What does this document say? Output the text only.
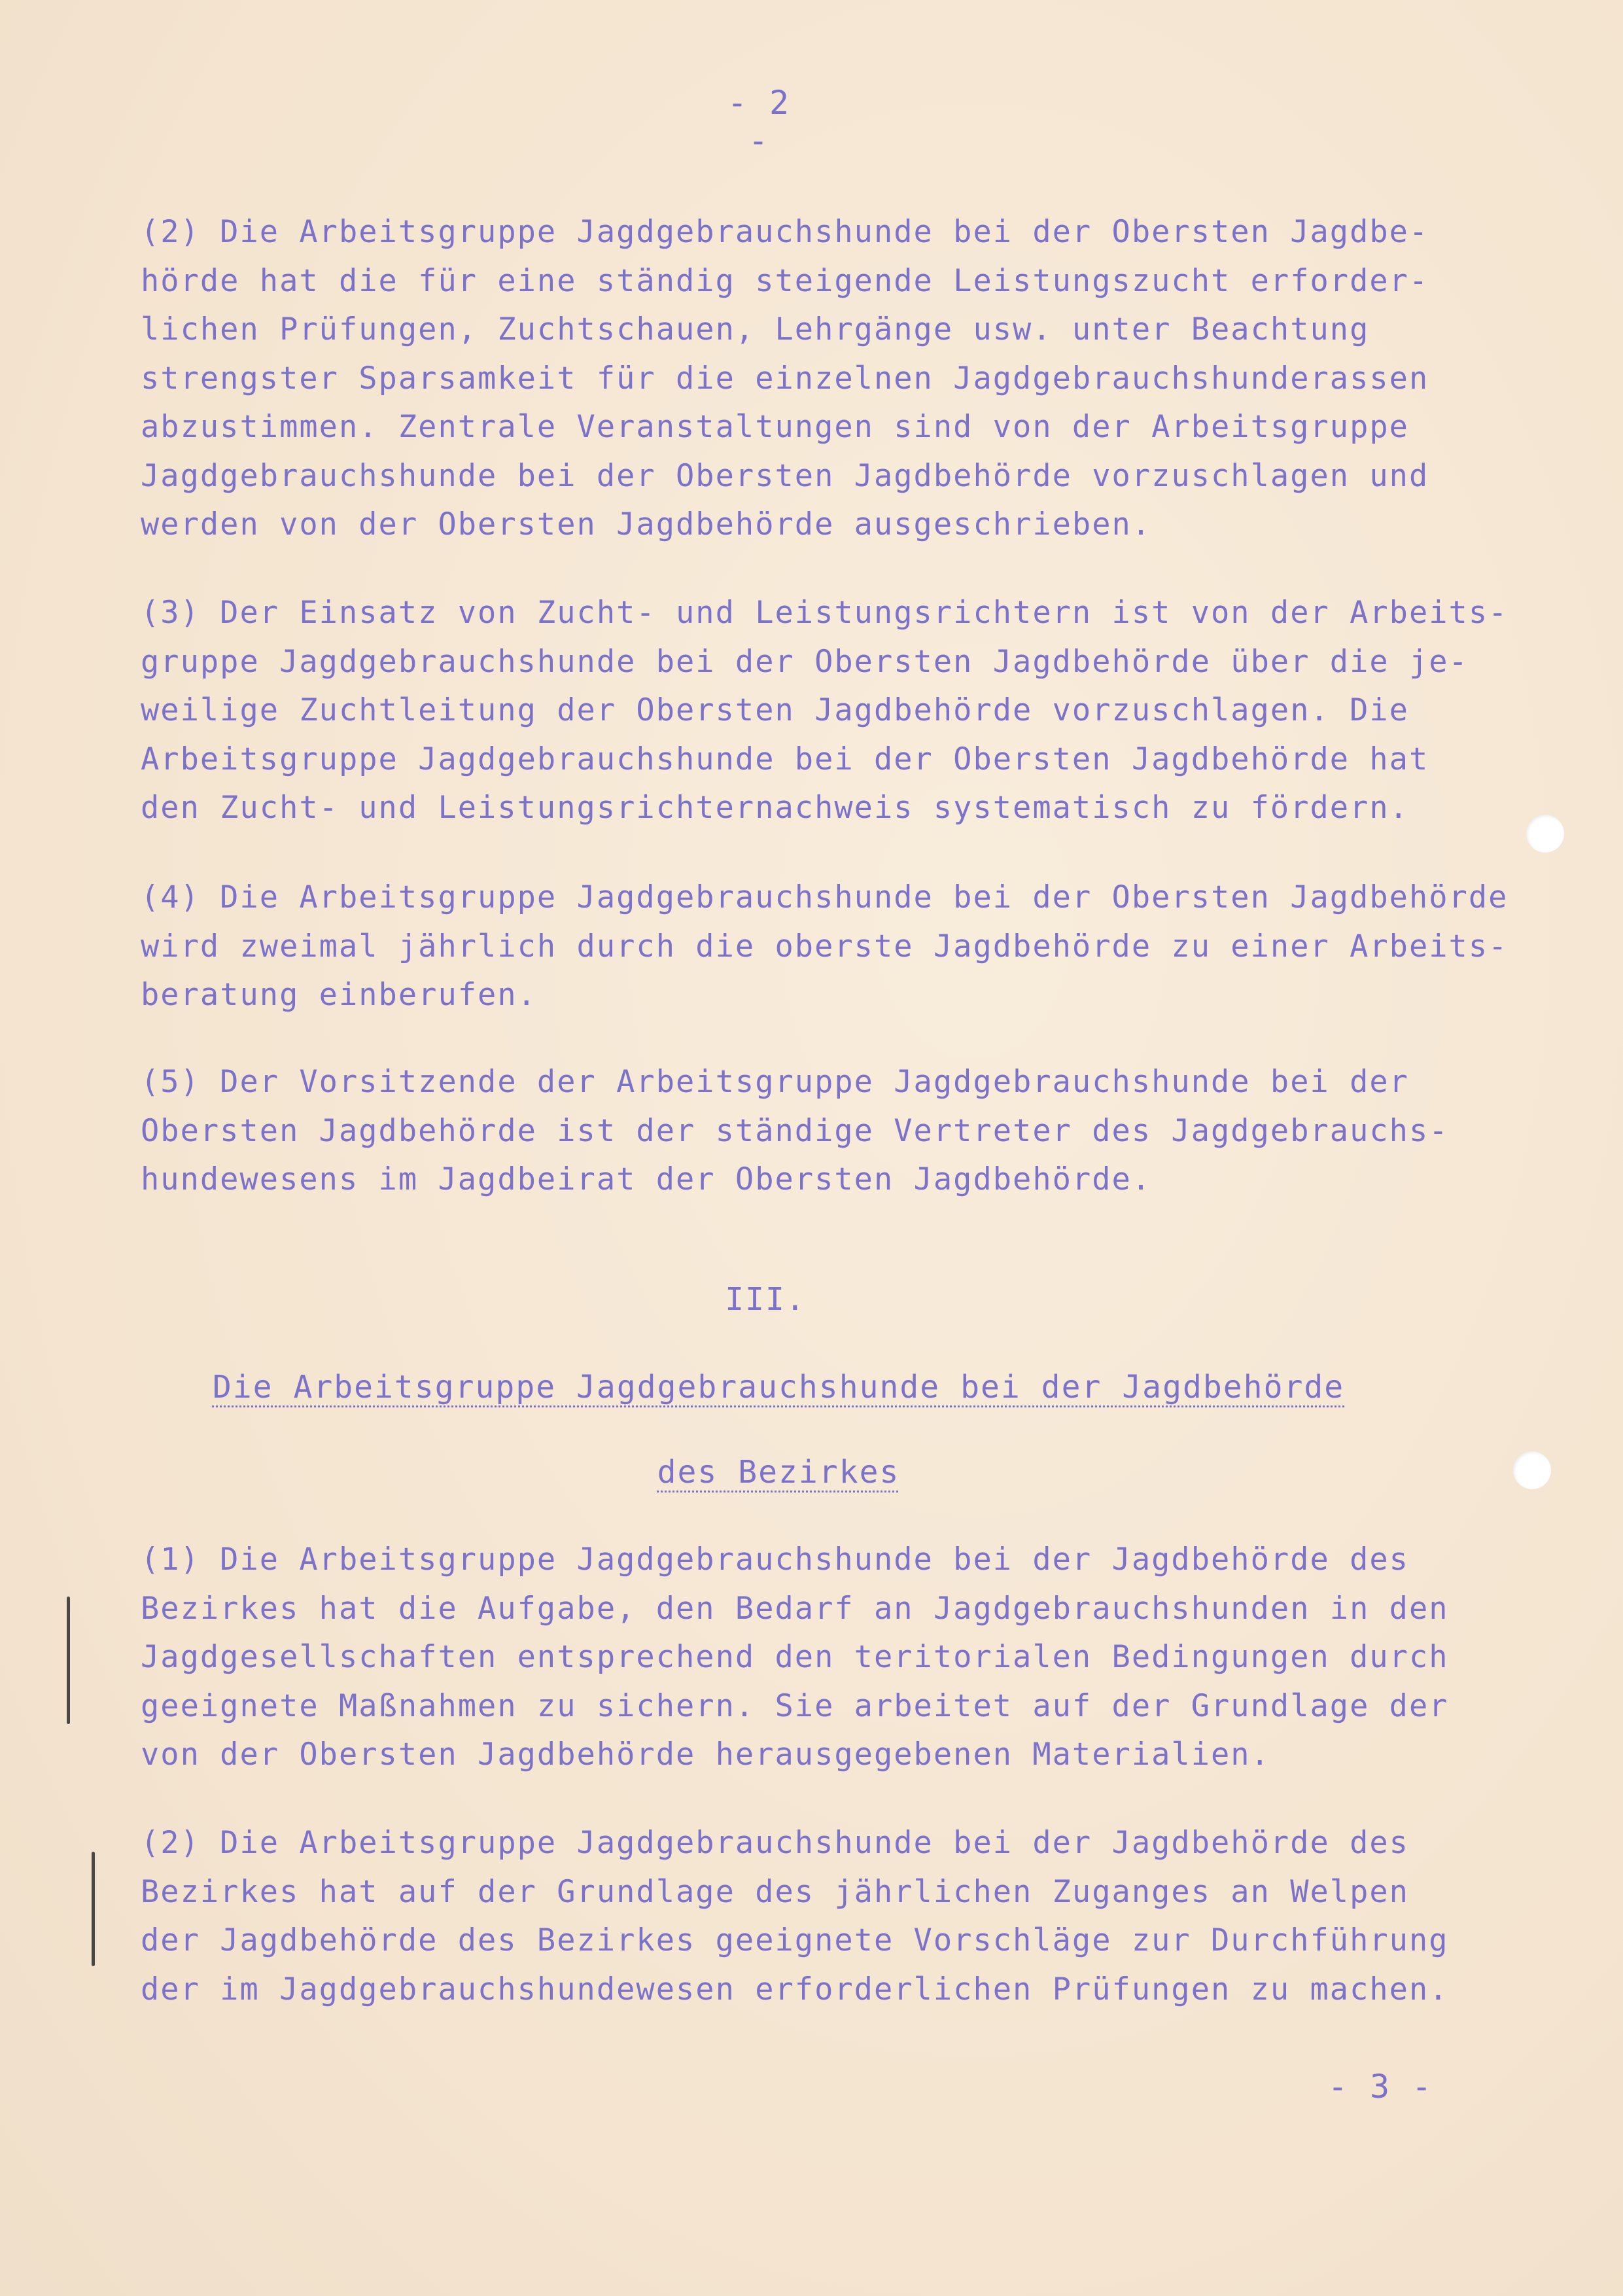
- 2 -

(2) Die Arbeitsgruppe Jagdgebrauchshunde bei der Obersten Jagdbe-
hörde hat die für eine ständig steigende Leistungszucht erforder-
lichen Prüfungen, Zuchtschauen, Lehrgänge usw. unter Beachtung
strengster Sparsamkeit für die einzelnen Jagdgebrauchshunderassen
abzustimmen. Zentrale Veranstaltungen sind von der Arbeitsgruppe
Jagdgebrauchshunde bei der Obersten Jagdbehörde vorzuschlagen und
werden von der Obersten Jagdbehörde ausgeschrieben.

(3) Der Einsatz von Zucht- und Leistungsrichtern ist von der Arbeits-
gruppe Jagdgebrauchshunde bei der Obersten Jagdbehörde über die je-
weilige Zuchtleitung der Obersten Jagdbehörde vorzuschlagen. Die
Arbeitsgruppe Jagdgebrauchshunde bei der Obersten Jagdbehörde hat
den Zucht- und Leistungsrichternachweis systematisch zu fördern.

(4) Die Arbeitsgruppe Jagdgebrauchshunde bei der Obersten Jagdbehörde
wird zweimal jährlich durch die oberste Jagdbehörde zu einer Arbeits-
beratung einberufen.

(5) Der Vorsitzende der Arbeitsgruppe Jagdgebrauchshunde bei der
Obersten Jagdbehörde ist der ständige Vertreter des Jagdgebrauchs-
hundewesens im Jagdbeirat der Obersten Jagdbehörde.

III.
Die Arbeitsgruppe Jagdgebrauchshunde bei der Jagdbehörde
des Bezirkes

(1) Die Arbeitsgruppe Jagdgebrauchshunde bei der Jagdbehörde des
Bezirkes hat die Aufgabe, den Bedarf an Jagdgebrauchshunden in den
Jagdgesellschaften entsprechend den teritorialen Bedingungen durch
geeignete Maßnahmen zu sichern. Sie arbeitet auf der Grundlage der
von der Obersten Jagdbehörde herausgegebenen Materialien.

(2) Die Arbeitsgruppe Jagdgebrauchshunde bei der Jagdbehörde des
Bezirkes hat auf der Grundlage des jährlichen Zuganges an Welpen
der Jagdbehörde des Bezirkes geeignete Vorschläge zur Durchführung
der im Jagdgebrauchshundewesen erforderlichen Prüfungen zu machen.

- 3 -
